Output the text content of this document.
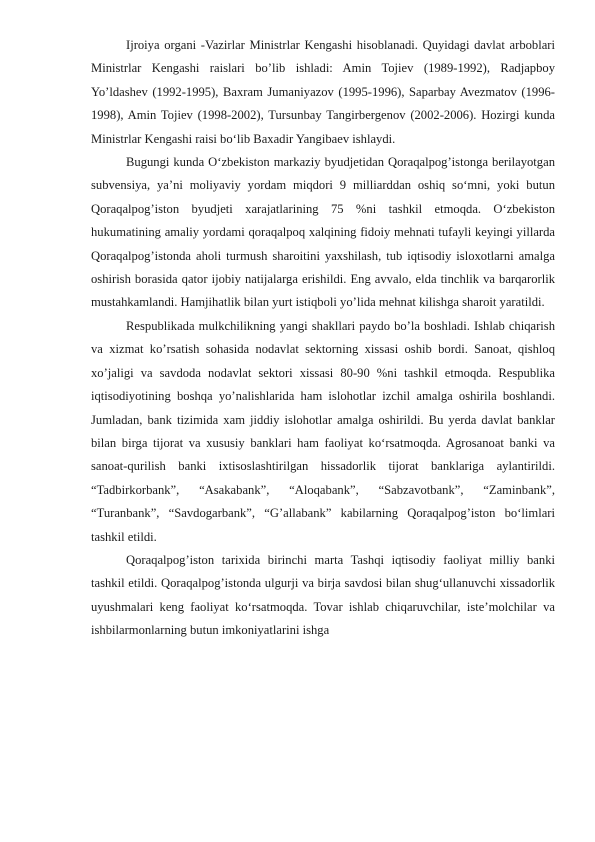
Ijroiya organi -Vazirlar Ministrlar Kengashi hisoblanadi. Quyidagi davlat arboblari Ministrlar Kengashi raislari bo’lib ishladi: Amin Tojiev (1989-1992), Radjapboy Yo’ldashev (1992-1995), Baxram Jumaniyazov (1995-1996), Saparbay Avezmatov (1996-1998), Amin Tojiev (1998-2002), Tursunbay Tangirbergenov (2002-2006). Hozirgi kunda Ministrlar Kengashi raisi bo‘lib Baxadir Yangibaev ishlaydi.

Bugungi kunda O‘zbekiston markaziy byudjetidan Qoraqalpog’istonga berilayotgan subvensiya, ya’ni moliyaviy yordam miqdori 9 milliarddan oshiq so‘mni, yoki butun Qoraqalpog’iston byudjeti xarajatlarining 75 %ni tashkil etmoqda. O‘zbekiston hukumatining amaliy yordami qoraqalpoq xalqining fidoiy mehnati tufayli keyingi yillarda Qoraqalpog’istonda aholi turmush sharoitini yaxshilash, tub iqtisodiy isloxotlarni amalga oshirish borasida qator ijobiy natijalarga erishildi. Eng avvalo, elda tinchlik va barqarorlik mustahkamlandi. Hamjihatlik bilan yurt istiqboli yo’lida mehnat kilishga sharoit yaratildi.

Respublikada mulkchilikning yangi shakllari paydo bo’la boshladi. Ishlab chiqarish va xizmat ko’rsatish sohasida nodavlat sektorning xissasi oshib bordi. Sanoat, qishloq xo’jaligi va savdoda nodavlat sektori xissasi 80-90 %ni tashkil etmoqda. Respublika iqtisodiyotining boshqa yo’nalishlarida ham islohotlar izchil amalga oshirila boshlandi. Jumladan, bank tizimida xam jiddiy islohotlar amalga oshirildi. Bu yerda davlat banklar bilan birga tijorat va xususiy banklari ham faoliyat ko‘rsatmoqda. Agrosanoat banki va sanoat-qurilish banki ixtisoslashtirilgan hissadorlik tijorat banklariga aylantirildi. “Tadbirkorbank”, “Asakabank”, “Aloqabank”, “Sabzavotbank”, “Zaminbank”, “Turanbank”, “Savdogarbank”, “G’allabank” kabilarning Qoraqalpog’iston bo‘limlari tashkil etildi.

Qoraqalpog’iston tarixida birinchi marta Tashqi iqtisodiy faoliyat milliy banki tashkil etildi. Qoraqalpog’istonda ulgurji va birja savdosi bilan shug‘ullanuvchi xissadorlik uyushmalari keng faoliyat ko‘rsatmoqda. Tovar ishlab chiqaruvchilar, iste’molchilar va ishbilarmonlarning butun imkoniyatlarini ishga
